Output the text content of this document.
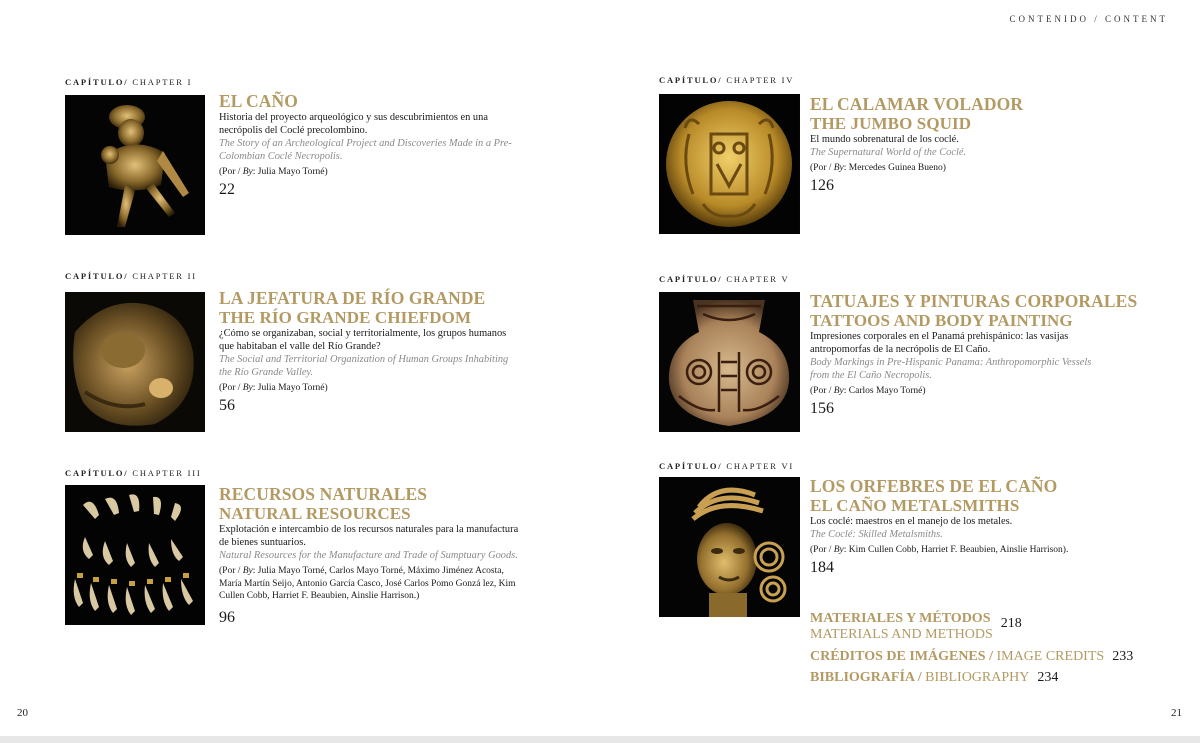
CONTENIDO / CONTENT
CAPÍTULO/ CHAPTER I
EL CAÑO
Historia del proyecto arqueológico y sus descubrimientos en una necrópolis del Coclé precolombino.
The Story of an Archeological Project and Discoveries Made in a Pre-Colombian Coclé Necropolis.
(Por / By: Julia Mayo Torné)
22
CAPÍTULO/ CHAPTER II
LA JEFATURA DE RÍO GRANDE
THE RÍO GRANDE CHIEFDOM
¿Cómo se organizaban, social y territorialmente, los grupos humanos que habitaban el valle del Río Grande?
The Social and Territorial Organization of Human Groups Inhabiting the Río Grande Valley.
(Por / By: Julia Mayo Torné)
56
CAPÍTULO/ CHAPTER III
RECURSOS NATURALES
NATURAL RESOURCES
Explotación e intercambio de los recursos naturales para la manufactura de bienes suntuarios.
Natural Resources for the Manufacture and Trade of Sumptuary Goods.
(Por / By: Julia Mayo Torné, Carlos Mayo Torné, Máximo Jiménez Acosta, María Martín Seijo, Antonio García Casco, José Carlos Pomo Gonzá lez, Kim Cullen Cobb, Harriet F. Beaubien, Ainslie Harrison.)
96
CAPÍTULO/ CHAPTER IV
EL CALAMAR VOLADOR
THE JUMBO SQUID
El mundo sobrenatural de los coclé.
The Supernatural World of the Coclé.
(Por / By: Mercedes Guinea Bueno)
126
CAPÍTULO/ CHAPTER V
TATUAJES Y PINTURAS CORPORALES
TATTOOS AND BODY PAINTING
Impresiones corporales en el Panamá prehispánico: las vasijas antropomorfas de la necrópolis de El Caño.
Body Markings in Pre-Hispanic Panama: Anthropomorphic Vessels from the El Caño Necropolis.
(Por / By: Carlos Mayo Torné)
156
CAPÍTULO/ CHAPTER VI
LOS ORFEBRES DE EL CAÑO
EL CAÑO METALSMITHS
Los coclé: maestros en el manejo de los metales.
The Coclé: Skilled Metalsmiths.
(Por / By: Kim Cullen Cobb, Harriet F. Beaubien, Ainslie Harrison).
184
MATERIALES Y MÉTODOS
MATERIALS AND METHODS
218
CRÉDITOS DE IMÁGENES / IMAGE CREDITS 233
BIBLIOGRAFÍA / BIBLIOGRAPHY 234
20	21
